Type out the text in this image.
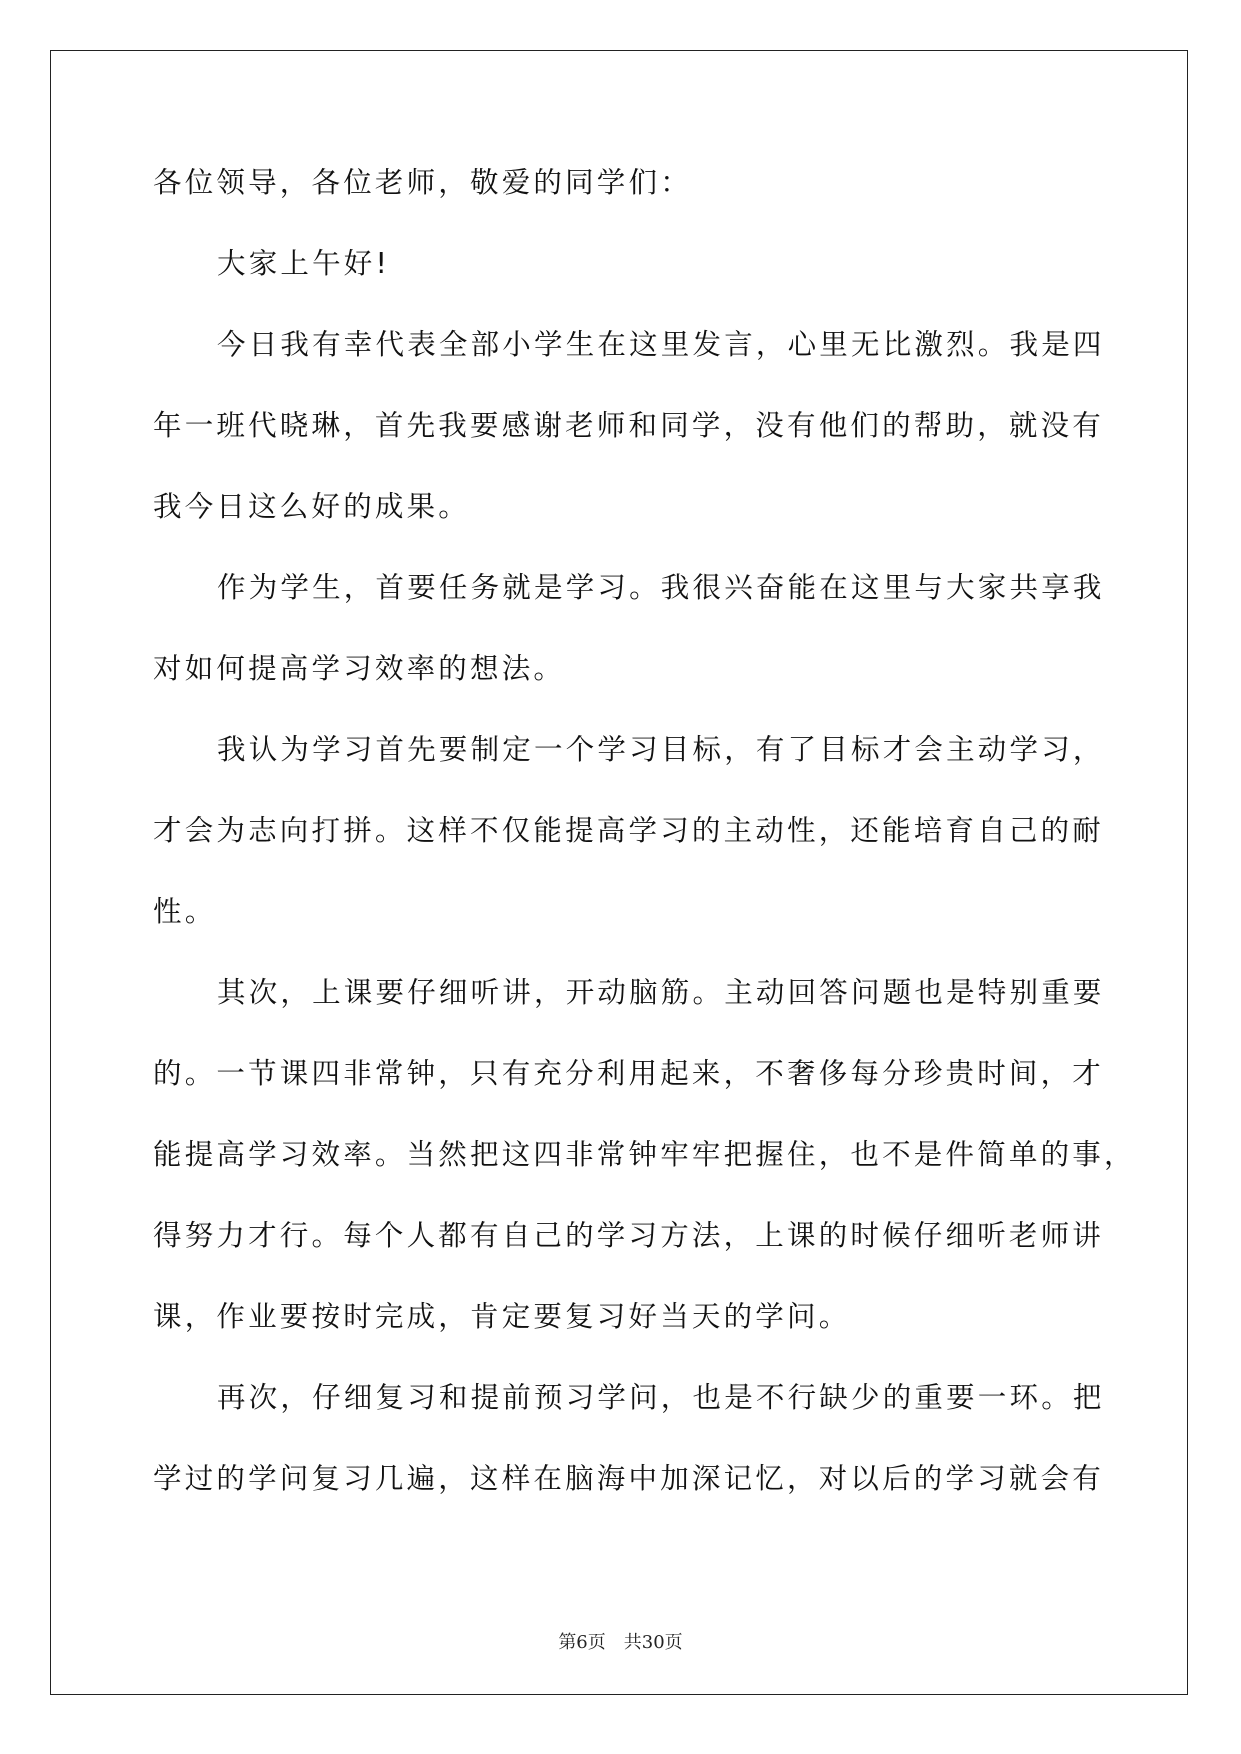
各位领导，各位老师，敬爱的同学们：
大家上午好!
今日我有幸代表全部小学生在这里发言，心里无比激烈。我是四
年一班代晓琳，首先我要感谢老师和同学，没有他们的帮助，就没有
我今日这么好的成果。
作为学生，首要任务就是学习。我很兴奋能在这里与大家共享我
对如何提高学习效率的想法。
我认为学习首先要制定一个学习目标，有了目标才会主动学习，
才会为志向打拼。这样不仅能提高学习的主动性，还能培育自己的耐
性。
其次，上课要仔细听讲，开动脑筋。主动回答问题也是特别重要
的。一节课四非常钟，只有充分利用起来，不奢侈每分珍贵时间，才
能提高学习效率。当然把这四非常钟牢牢把握住，也不是件简单的事，
得努力才行。每个人都有自己的学习方法，上课的时候仔细听老师讲
课，作业要按时完成，肯定要复习好当天的学问。
再次，仔细复习和提前预习学问，也是不行缺少的重要一环。把
学过的学问复习几遍，这样在脑海中加深记忆，对以后的学习就会有
第6页 共30页
